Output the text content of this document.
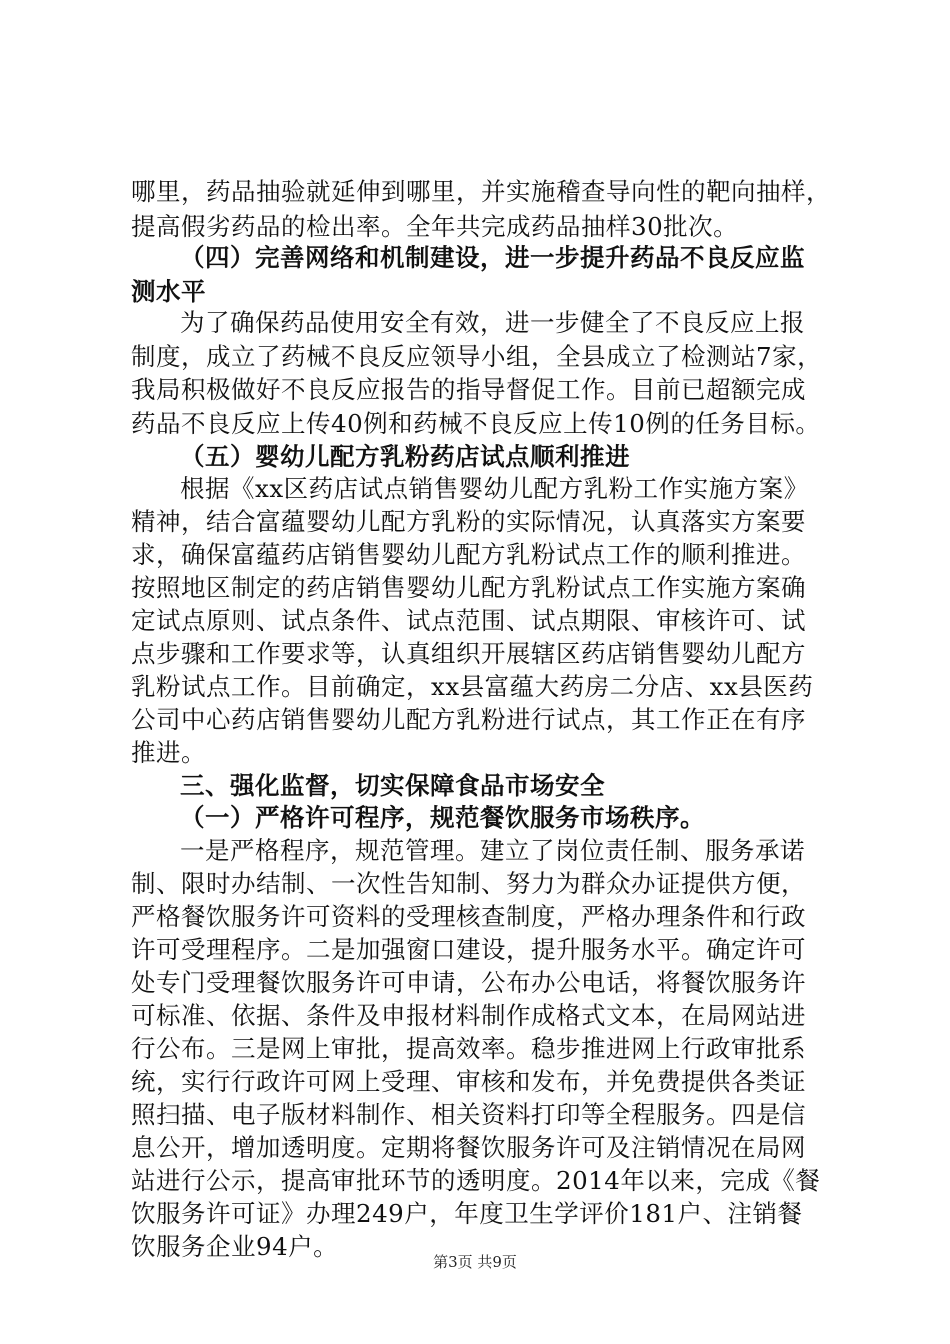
哪里，药品抽验就延伸到哪里，并实施稽查导向性的靶向抽样，
提高假劣药品的检出率。全年共完成药品抽样30批次。
（四）完善网络和机制建设，进一步提升药品不良反应监
测水平
为了确保药品使用安全有效，进一步健全了不良反应上报
制度，成立了药械不良反应领导小组，全县成立了检测站7家，
我局积极做好不良反应报告的指导督促工作。目前已超额完成
药品不良反应上传40例和药械不良反应上传10例的任务目标。
（五）婴幼儿配方乳粉药店试点顺利推进
根据《xx区药店试点销售婴幼儿配方乳粉工作实施方案》
精神，结合富蕴婴幼儿配方乳粉的实际情况，认真落实方案要
求，确保富蕴药店销售婴幼儿配方乳粉试点工作的顺利推进。
按照地区制定的药店销售婴幼儿配方乳粉试点工作实施方案确
定试点原则、试点条件、试点范围、试点期限、审核许可、试
点步骤和工作要求等，认真组织开展辖区药店销售婴幼儿配方
乳粉试点工作。目前确定，xx县富蕴大药房二分店、xx县医药
公司中心药店销售婴幼儿配方乳粉进行试点，其工作正在有序
推进。
三、强化监督，切实保障食品市场安全
（一）严格许可程序，规范餐饮服务市场秩序。
一是严格程序，规范管理。建立了岗位责任制、服务承诺
制、限时办结制、一次性告知制、努力为群众办证提供方便，
严格餐饮服务许可资料的受理核查制度，严格办理条件和行政
许可受理程序。二是加强窗口建设，提升服务水平。确定许可
处专门受理餐饮服务许可申请，公布办公电话，将餐饮服务许
可标准、依据、条件及申报材料制作成格式文本，在局网站进
行公布。三是网上审批，提高效率。稳步推进网上行政审批系
统，实行行政许可网上受理、审核和发布，并免费提供各类证
照扫描、电子版材料制作、相关资料打印等全程服务。四是信
息公开，增加透明度。定期将餐饮服务许可及注销情况在局网
站进行公示，提高审批环节的透明度。2014年以来，完成《餐
饮服务许可证》办理249户，年度卫生学评价181户、注销餐
饮服务企业94户。
第3页 共9页
